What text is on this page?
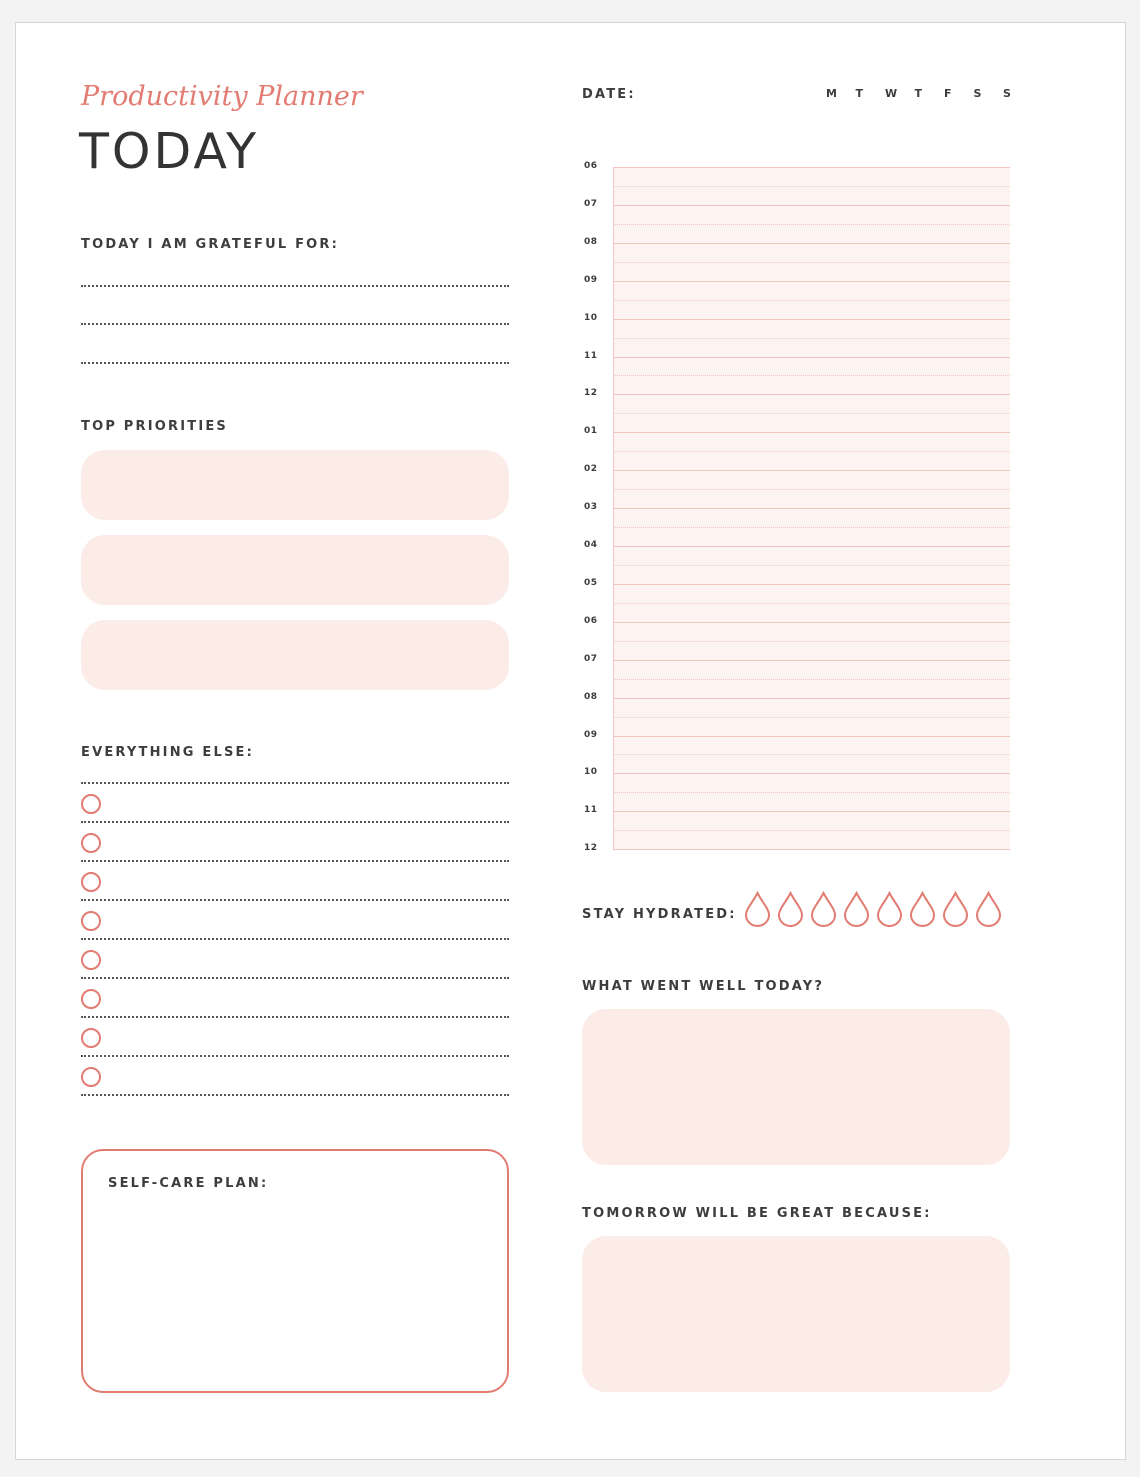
Productivity Planner
TODAY
TODAY I AM GRATEFUL FOR:
TOP PRIORITIES
EVERYTHING ELSE:
SELF-CARE PLAN:
DATE:	M	T	W	T	F	S	S
06
07
08
09
10
11
12
01
02
03
04
05
06
07
08
09
10
11
12
STAY HYDRATED:
WHAT WENT WELL TODAY?
TOMORROW WILL BE GREAT BECAUSE:
